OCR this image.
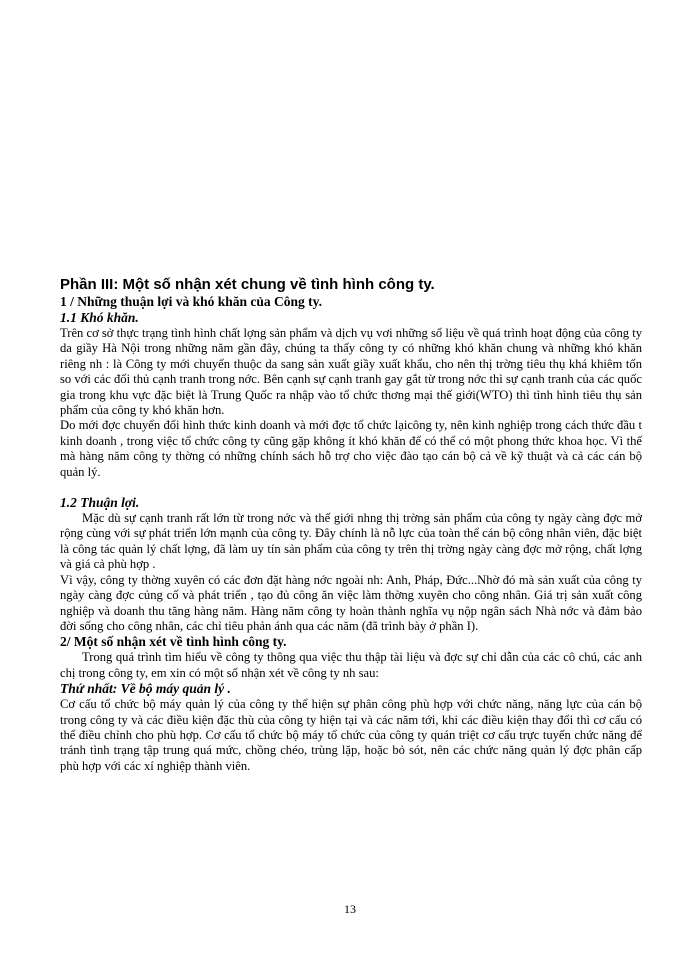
Phần III: Một số nhận xét chung về tình hình công ty.

1 / Những thuận lợi và khó khăn của Công ty.

1.1 Khó khăn.

Trên cơ sở thực trạng tình hình chất lợng sản phẩm và dịch vụ vơi những số liệu về quá trình hoạt động của công ty da giầy Hà Nội trong những năm gần đây, chúng ta thấy công ty có những khó khăn chung và những khó khăn riêng nh : là Công ty mới chuyển thuộc da sang sản xuất giầy xuất khẩu, cho nên thị trờng tiêu thụ khá khiêm tốn so với các đối thủ cạnh tranh trong nớc. Bên cạnh sự cạnh tranh gay gắt từ trong nớc thì sự cạnh tranh của các quốc gia trong khu vực đặc biệt là Trung Quốc ra nhập vào tổ chức thơng mại thế giới(WTO) thì tình hình tiêu thụ sản phẩm của công ty khó khăn hơn.

Do mới đợc chuyển đổi hình thức kinh doanh và mới đợc tổ chức lạicông ty, nên kinh nghiệp trong cách thức đầu t kinh doanh , trong việc tổ chức công ty cũng gặp không ít khó khăn để có thể có một phong thức khoa học. Vì thế mà hàng năm công ty thờng có những chính sách hỗ trợ cho việc đào tạo cán bộ cả về kỹ thuật và cả các cán bộ quản lý.

1.2 Thuận lợi.

Mặc dù sự cạnh tranh rất lớn từ trong nớc và thế giới nhng thị trờng sản phẩm của công ty ngày càng đợc mở rộng cùng với sự phát triển lớn mạnh của công ty. Đây chính là nỗ lực của toàn thể cán bộ công nhân viên, đặc biệt là công tác quản lý chất lợng, đã làm uy tín sản phẩm của công ty trên thị trờng ngày càng đợc mở rộng, chất lợng và giá cả phù hợp .

Vì vậy, công ty thờng xuyên có các đơn đặt hàng nớc ngoài nh: Anh, Pháp, Đức...Nhờ đó mà sản xuất của công ty ngày càng đợc củng cố và phát triển , tạo đủ công ăn việc làm thờng xuyên cho công nhân. Giá trị sản xuất công nghiệp và doanh thu tăng hàng năm. Hàng năm công ty hoàn thành nghĩa vụ nộp ngân sách Nhà nớc và đảm bảo đời sống cho công nhân, các chỉ tiêu phản ánh qua các năm (đã trình bày ở phần I).

2/ Một số nhận xét về tình hình công ty.

Trong quá trình tìm hiểu về công ty thông qua việc thu thập tài liệu và đợc sự chỉ dẫn của các cô chú, các anh chị trong công ty, em xin có một số nhận xét về công ty nh sau:

Thứ nhất: Về bộ máy quản lý .

Cơ cấu tổ chức bộ máy quản lý của công ty thể hiện sự phân công phù hợp với chức năng, năng lực của cán bộ trong công ty và các điều kiện đặc thù của công ty hiện tại và các năm tới, khi các điều kiện thay đổi thì cơ cấu có thể điều chỉnh cho phù hợp. Cơ cấu tổ chức bộ máy tổ chức của công ty quán triệt cơ cấu trực tuyến chức năng để tránh tình trạng tập trung quá mức, chồng chéo, trùng lặp, hoặc bỏ sót, nên các chức năng quản lý đợc phân cấp phù hợp với các xí nghiệp thành viên.

13
